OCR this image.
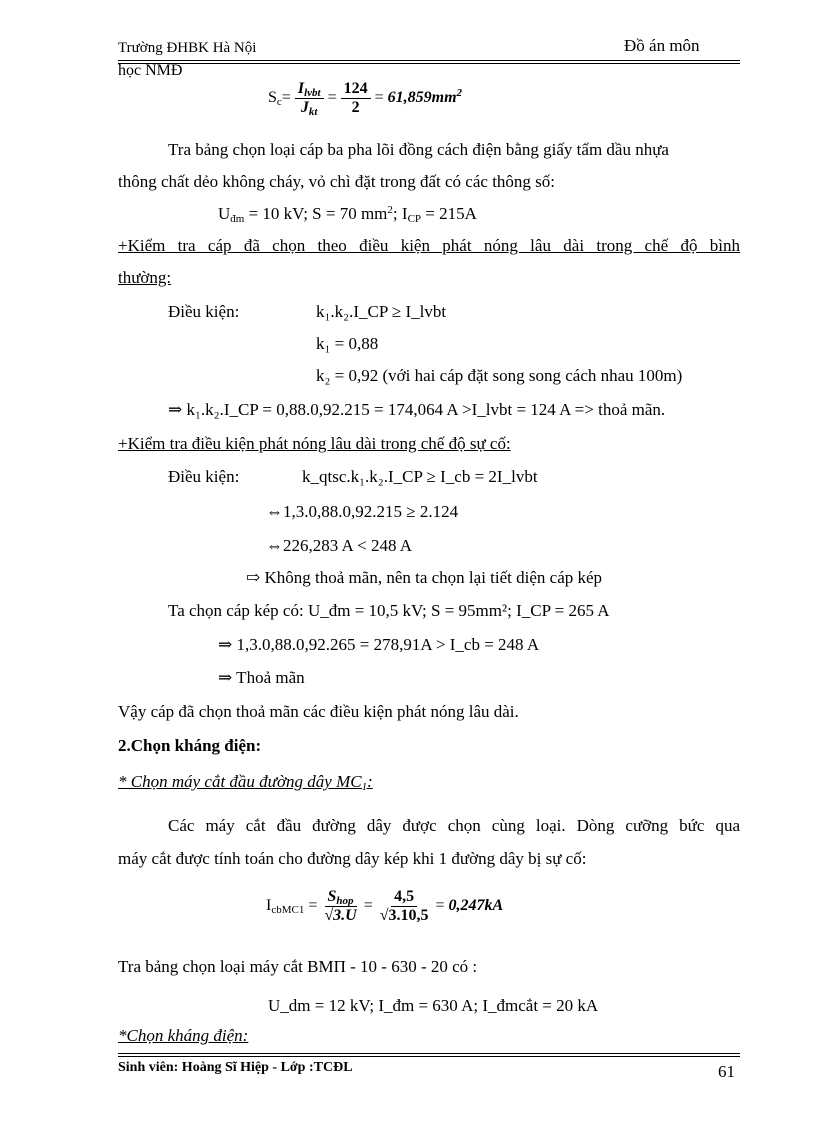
Trường ĐHBK Hà Nội	Đồ án môn
học NMĐ
$S_c= \frac{I_{lvbt}}{J_{kt}} = \frac{124}{2} = 61,859mm^2$
Tra bảng chọn loại cáp ba pha lõi đồng cách điện bằng giấy tẩm dầu nhựa
thông chất dẻo không cháy, vỏ chì đặt trong đất có các thông số:
$U_{đm} = 10$ kV; S = 70 $mm^2$; $I_{CP} = 215A$
+Kiểm tra cáp đã chọn theo điều kiện phát nóng lâu dài trong chế độ bình
thường:
Điều kiện:	k₁.k₂.I_CP ≥ I_lvbt
k₁ = 0,88
k₂ = 0,92 (với hai cáp đặt song song cách nhau 100m)
⇒ k₁.k₂.I_CP = 0,88.0,92.215 = 174,064 A >I_lvbt = 124 A => thoả mãn.
+Kiểm tra điều kiện phát nóng lâu dài trong chế độ sự cố:
Điều kiện:	k_qtsc.k₁.k₂.I_CP ≥ I_cb = 2I_lvbt
⇔1,3.0,88.0,92.215 ≥ 2.124
⇔226,283 A < 248 A
⇨ Không thoả mãn, nên ta chọn lại tiết diện cáp kép
Ta chọn cáp kép có: U_đm = 10,5 kV; S = 95mm²; I_CP = 265 A
⇒ 1,3.0,88.0,92.265 = 278,91A > I_cb = 248 A
⇒ Thoả mãn
Vậy cáp đã chọn thoả mãn các điều kiện phát nóng lâu dài.
2.Chọn kháng điện:
* Chọn máy cắt đầu đường dây $MC_1$:
Các máy cắt đầu đường dây được chọn cùng loại. Dòng cưỡng bức qua
máy cắt được tính toán cho đường dây kép khi 1 đường dây bị sự cố:
$I_{cbMC1} = \frac{S_{hop}}{√3.U} = \frac{4,5}{√3.10,5} = 0,247kA$
Tra bảng chọn loại máy cắt BMП - 10 - 630 - 20 có :
U_dm = 12 kV; I_đm = 630 A; I_đmcắt = 20 kA
*Chọn kháng điện:
Sinh viên: Hoàng Sĩ Hiệp - Lớp :TCĐL	61
